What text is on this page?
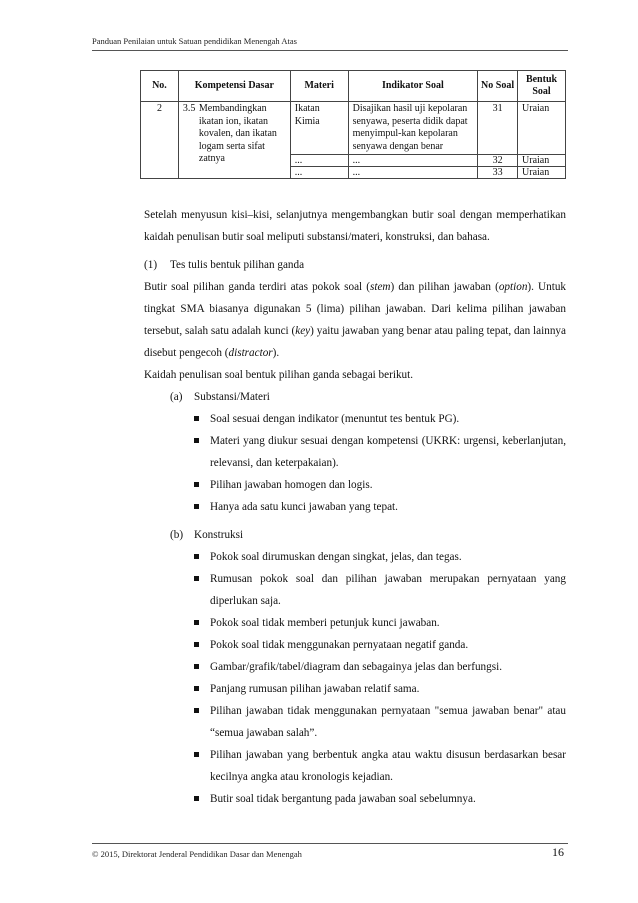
Panduan Penilaian untuk Satuan pendidikan Menengah Atas
No.	Kompetensi Dasar	Materi	Indikator Soal	No Soal	Bentuk Soal
2	3.5 Membandingkan ikatan ion, ikatan kovalen, dan ikatan logam serta sifat zatnya	Ikatan Kimia	Disajikan hasil uji kepolaran senyawa, peserta didik dapat menyimpul-kan kepolaran senyawa dengan benar	31	Uraian
		...	...	32	Uraian
		...	...	33	Uraian

Setelah menyusun kisi–kisi, selanjutnya mengembangkan butir soal dengan memperhatikan kaidah penulisan butir soal meliputi substansi/materi, konstruksi, dan bahasa.

(1)	Tes tulis bentuk pilihan ganda

Butir soal pilihan ganda terdiri atas pokok soal (stem) dan pilihan jawaban (option). Untuk tingkat SMA biasanya digunakan 5 (lima) pilihan jawaban. Dari kelima pilihan jawaban tersebut, salah satu adalah kunci (key) yaitu jawaban yang benar atau paling tepat, dan lainnya disebut pengecoh (distractor).

Kaidah penulisan soal bentuk pilihan ganda sebagai berikut.

(a)	Substansi/Materi
Soal sesuai dengan indikator (menuntut tes bentuk PG).
Materi yang diukur sesuai dengan kompetensi (UKRK: urgensi, keberlanjutan, relevansi, dan keterpakaian).
Pilihan jawaban homogen dan logis.
Hanya ada satu kunci jawaban yang tepat.
(b) Konstruksi
Pokok soal dirumuskan dengan singkat, jelas, dan tegas.
Rumusan pokok soal dan pilihan jawaban merupakan pernyataan yang diperlukan saja.
Pokok soal tidak memberi petunjuk kunci jawaban.
Pokok soal tidak menggunakan pernyataan negatif ganda.
Gambar/grafik/tabel/diagram dan sebagainya jelas dan berfungsi.
Panjang rumusan pilihan jawaban relatif sama.
Pilihan jawaban tidak menggunakan pernyataan "semua jawaban benar" atau “semua jawaban salah”.
Pilihan jawaban yang berbentuk angka atau waktu disusun berdasarkan besar kecilnya angka atau kronologis kejadian.
Butir soal tidak bergantung pada jawaban soal sebelumnya.
© 2015, Direktorat Jenderal Pendidikan Dasar dan Menengah	16
